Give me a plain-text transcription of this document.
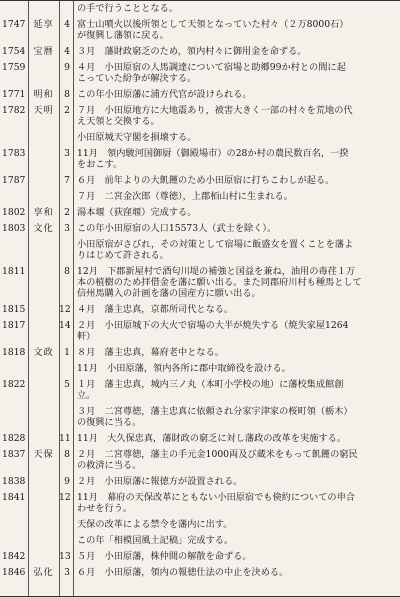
の手で行うこととなる。
1747 延享	4 富士山噴火以後所領として天領となっていた村々（２万8000石）
が復興し藩領に戻る。
1754 宝暦	4 ３月　藩財政窮乏のため，領内村々に御用金を命ずる。
1759	9 ４月　小田原宿の人馬調達について宿場と助郷99か村との間に起
こっていた紛争が解決する。
1771 明和	8 この年小田原藩に浦方代官が設けられる。
1782 天明	2 ７月　小田原地方に大地震あり，被害大きく一部の村々を荒地の代
え天領と交換する。
小田原城天守閣を損壊する。
1783	3 11月　領内駿河国御厨（御殿場市）の28か村の農民数百名，一揆
をおこす。
1787	7 ６月　前年よりの大飢饉のため小田原宿に打ちこわしが起る。
７月　二宮金次郎（尊徳），上郡栢山村に生まれる。
1802 享和	2 湯本堰（荻窪堰）完成する。
1803 文化	3 この年小田原宿の人口15573人（武士を除く）。
小田原宿がさびれ，その対策として宿場に飯盛女を置くことを藩よ
りはじめて許される。
1811	8 12月　下郡新屋村で酒匂川堤の補強と国益を兼ね，油用の毒荏１万
本の植樹のため拝借金を藩に願い出る。また同郡府川村も種馬として
信州馬購入の計画を藩の国産方に願い出る。
1815	12 ４月　藩主忠真，京都所司代となる。
1817	14 ２月　小田原城下の大火で宿場の大半が焼失する（焼失家屋1264
軒）
1818 文政	1 ８月　藩主忠真，幕府老中となる。
11月　小田原藩，領内各所に郡中取締役を設ける。
1822	5 １月　藩主忠真，城内三ノ丸（本町小学校の地）に藩校集成館創
立。
３月　二宮尊徳，藩主忠真に依頼され分家宇津家の桜町領（栃木）
の復興に当る。
1828	11 11月　大久保忠真，藩財政の窮乏に対し藩政の改革を実施する。
1837 天保	8 ２月　二宮尊徳，藩主の手元金1000両及び蔵米をもって飢饉の窮民
の救済に当る。
1838	9 ２月　小田原藩に報徳方が設置される。
1841	12 11月　幕府の天保改革にともない小田原宿でも倹約についての申合
わせを行う。
天保の改革による禁令を藩内に出す。
この年「相模国風土記稿」完成する。
1842	13 ５月　小田原藩，株仲間の解散を命ずる。
1846 弘化	3 ６月　小田原藩，領内の報徳仕法の中止を決める。
